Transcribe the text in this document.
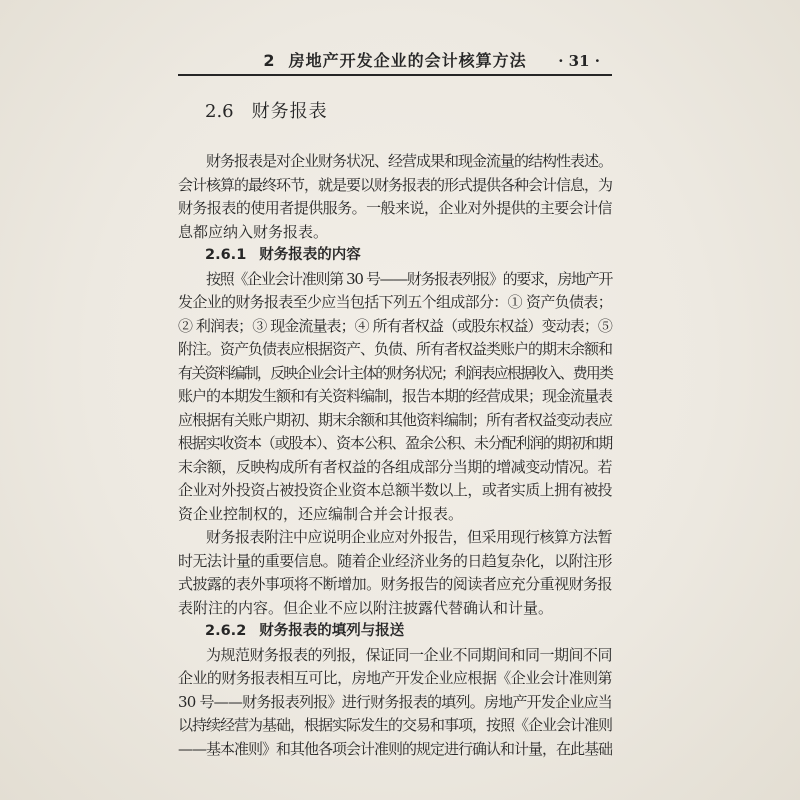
2 房地产开发企业的会计核算方法	· 31 ·
2.6 财务报表
财务报表是对企业财务状况、经营成果和现金流量的结构性表述。
会计核算的最终环节，就是要以财务报表的形式提供各种会计信息，为
财务报表的使用者提供服务。一般来说，企业对外提供的主要会计信
息都应纳入财务报表。
2.6.1 财务报表的内容
按照《企业会计准则第 30 号——财务报表列报》的要求，房地产开
发企业的财务报表至少应当包括下列五个组成部分：① 资产负债表；
② 利润表；③ 现金流量表；④ 所有者权益（或股东权益）变动表；⑤
附注。资产负债表应根据资产、负债、所有者权益类账户的期末余额和
有关资料编制，反映企业会计主体的财务状况；利润表应根据收入、费用类
账户的本期发生额和有关资料编制，报告本期的经营成果；现金流量表
应根据有关账户期初、期末余额和其他资料编制；所有者权益变动表应
根据实收资本（或股本）、资本公积、盈余公积、未分配利润的期初和期
末余额，反映构成所有者权益的各组成部分当期的增减变动情况。若
企业对外投资占被投资企业资本总额半数以上，或者实质上拥有被投
资企业控制权的，还应编制合并会计报表。
财务报表附注中应说明企业应对外报告，但采用现行核算方法暂
时无法计量的重要信息。随着企业经济业务的日趋复杂化，以附注形
式披露的表外事项将不断增加。财务报告的阅读者应充分重视财务报
表附注的内容。但企业不应以附注披露代替确认和计量。
2.6.2 财务报表的填列与报送
为规范财务报表的列报，保证同一企业不同期间和同一期间不同
企业的财务报表相互可比，房地产开发企业应根据《企业会计准则第
30 号——财务报表列报》进行财务报表的填列。房地产开发企业应当
以持续经营为基础，根据实际发生的交易和事项，按照《企业会计准则
——基本准则》和其他各项会计准则的规定进行确认和计量，在此基础
